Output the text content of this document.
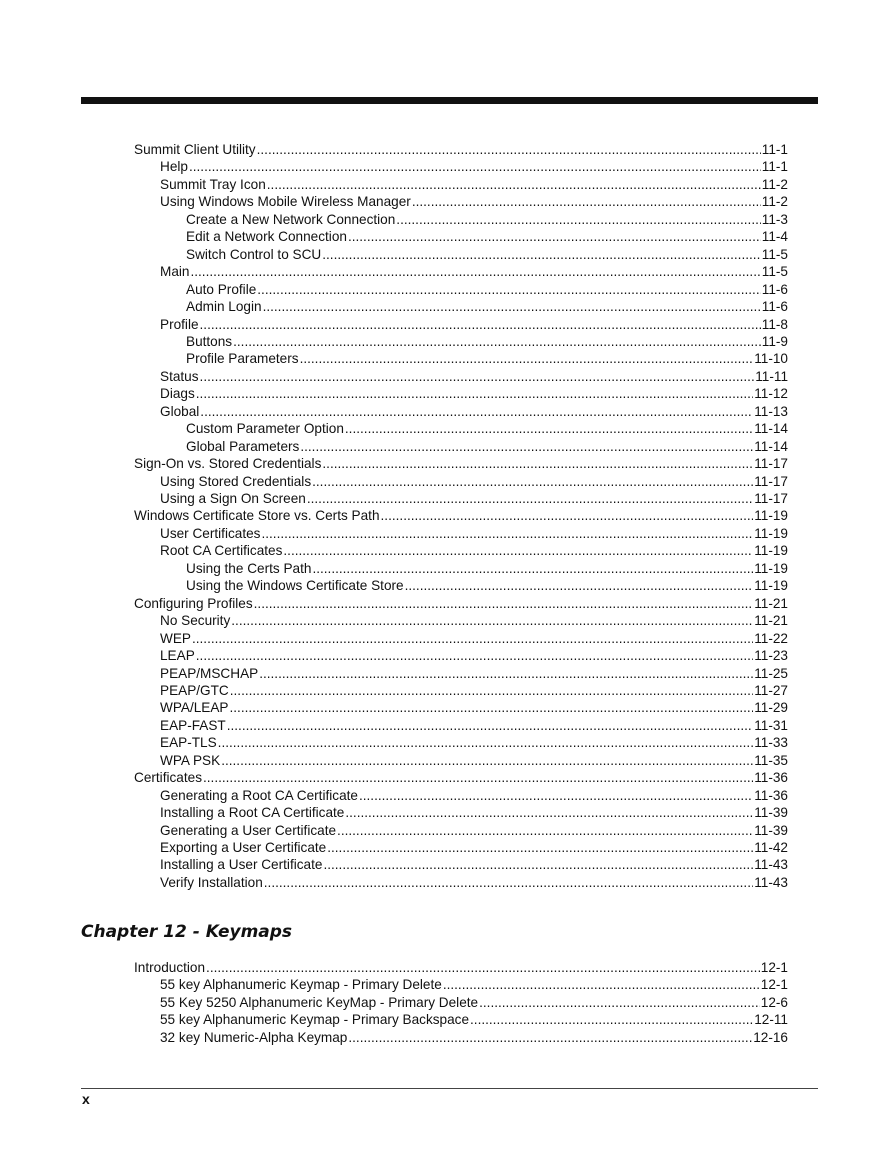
Summit Client Utility .....	11-1
Help .....	11-1
Summit Tray Icon .....	11-2
Using Windows Mobile Wireless Manager .....	11-2
Create a New Network Connection .....	11-3
Edit a Network Connection .....	11-4
Switch Control to SCU .....	11-5
Main .....	11-5
Auto Profile .....	11-6
Admin Login .....	11-6
Profile .....	11-8
Buttons .....	11-9
Profile Parameters .....	11-10
Status .....	11-11
Diags .....	11-12
Global .....	11-13
Custom Parameter Option .....	11-14
Global Parameters .....	11-14
Sign-On vs. Stored Credentials .....	11-17
Using Stored Credentials .....	11-17
Using a Sign On Screen .....	11-17
Windows Certificate Store vs. Certs Path .....	11-19
User Certificates .....	11-19
Root CA Certificates .....	11-19
Using the Certs Path .....	11-19
Using the Windows Certificate Store .....	11-19
Configuring Profiles .....	11-21
No Security .....	11-21
WEP .....	11-22
LEAP .....	11-23
PEAP/MSCHAP .....	11-25
PEAP/GTC .....	11-27
WPA/LEAP .....	11-29
EAP-FAST .....	11-31
EAP-TLS .....	11-33
WPA PSK .....	11-35
Certificates .....	11-36
Generating a Root CA Certificate .....	11-36
Installing a Root CA Certificate .....	11-39
Generating a User Certificate .....	11-39
Exporting a User Certificate .....	11-42
Installing a User Certificate .....	11-43
Verify Installation .....	11-43
Chapter 12 - Keymaps
Introduction .....	12-1
55 key Alphanumeric Keymap - Primary Delete .....	12-1
55 Key 5250 Alphanumeric KeyMap - Primary Delete .....	12-6
55 key Alphanumeric Keymap - Primary Backspace .....	12-11
32 key Numeric-Alpha Keymap .....	12-16
x
